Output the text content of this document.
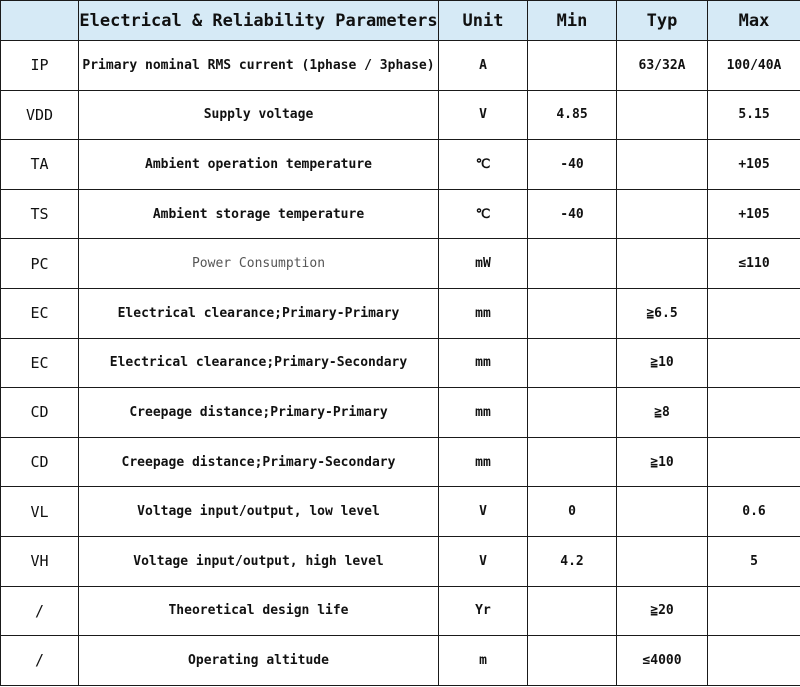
	Electrical & Reliability Parameters	Unit	Min	Typ	Max
IP	Primary nominal RMS current (1phase / 3phase)	A		63/32A	100/40A
VDD	Supply voltage	V	4.85		5.15
TA	Ambient operation temperature	℃	-40		+105
TS	Ambient storage temperature	℃	-40		+105
PC	Power Consumption	mW			≤110
EC	Electrical clearance;Primary-Primary	mm		≧6.5	
EC	Electrical clearance;Primary-Secondary	mm		≧10	
CD	Creepage distance;Primary-Primary	mm		≧8	
CD	Creepage distance;Primary-Secondary	mm		≧10	
VL	Voltage input/output, low level	V	0		0.6
VH	Voltage input/output, high level	V	4.2		5
/	Theoretical design life	Yr		≧20	
/	Operating altitude	m		≤4000	
